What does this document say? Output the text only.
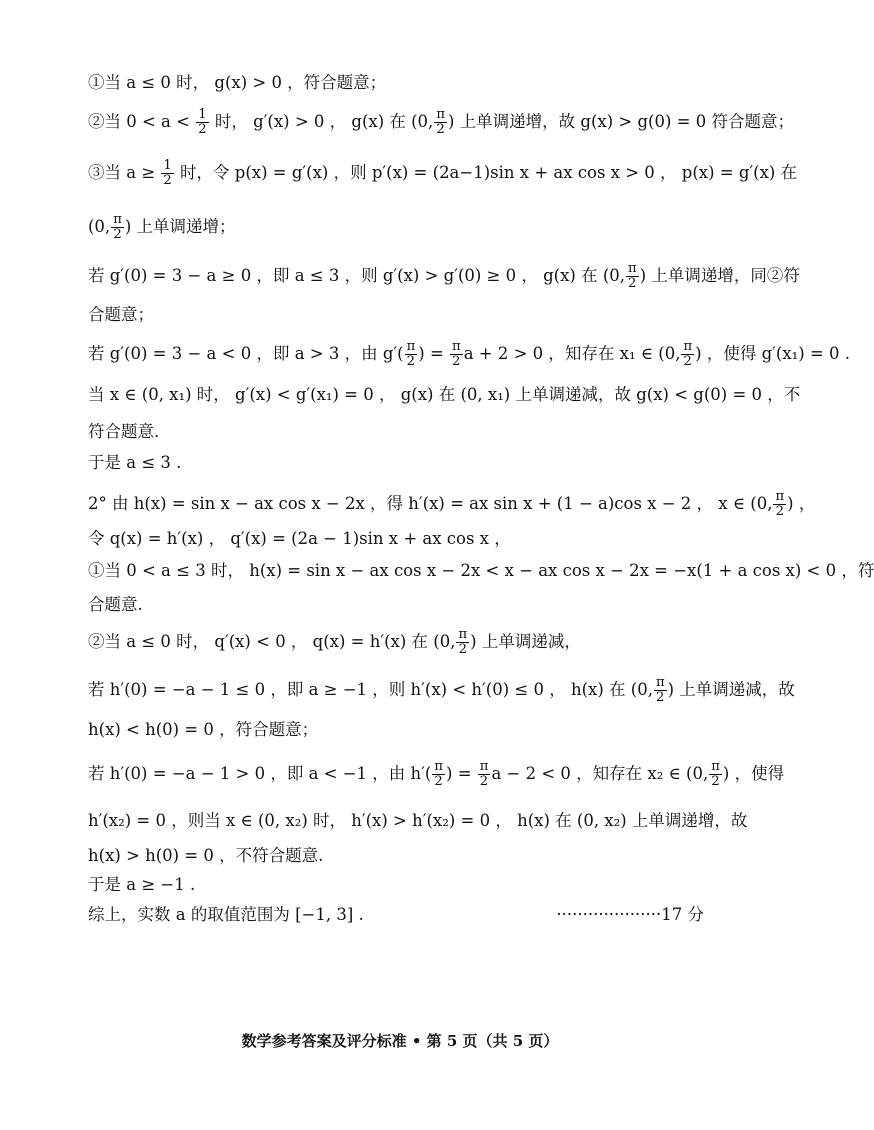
①当 a ≤ 0 时， g(x) > 0 ，符合题意；
②当 $0 < a < \frac{1}{2}$ 时， g′(x) > 0 ， g(x) 在 (0, $\frac{\pi}{2}$ ) 上单调递增，故 g(x) > g(0) = 0 符合题意；
③当 $a \ge \frac{1}{2}$ 时，令 p(x) = g′(x) ，则 p′(x) = (2a−1)sin x + ax cos x > 0 ， p(x) = g′(x) 在
(0, $\frac{\pi}{2}$ ) 上单调递增；
若 g′(0) = 3 − a ≥ 0 ，即 a ≤ 3 ，则 g′(x) > g′(0) ≥ 0 ， g(x) 在 (0, $\frac{\pi}{2}$ ) 上单调递增，同②符
合题意；
若 g′(0) = 3 − a < 0 ，即 a > 3 ，由 $g'( \frac{\pi}{2}$ ) = $\frac{\pi}{2}$ a + 2 > 0 ，知存在 x₁ ∈ (0, $\frac{\pi}{2}$ ) ，使得 g′(x₁) = 0 .
当 x ∈ (0, x₁) 时， g′(x) < g′(x₁) = 0 ， g(x) 在 (0, x₁) 上单调递减，故 g(x) < g(0) = 0 ，不
符合题意.
于是 a ≤ 3 .
2° 由 h(x) = sin x − ax cos x − 2x ，得 h′(x) = ax sin x + (1 − a)cos x − 2 ， x ∈ (0, $\frac{\pi}{2}$ ) ，
令 q(x) = h′(x) ， q′(x) = (2a − 1)sin x + ax cos x ，
①当 0 < a ≤ 3 时， h(x) = sin x − ax cos x − 2x < x − ax cos x − 2x = −x(1 + a cos x) < 0 ，符
合题意.
②当 a ≤ 0 时， q′(x) < 0 ， q(x) = h′(x) 在 (0, $\frac{\pi}{2}$ ) 上单调递减，
若 h′(0) = −a − 1 ≤ 0 ，即 a ≥ −1 ，则 h′(x) < h′(0) ≤ 0 ， h(x) 在 (0, $\frac{\pi}{2}$ ) 上单调递减，故
h(x) < h(0) = 0 ，符合题意；
若 h′(0) = −a − 1 > 0 ，即 a < −1 ，由 $h'( \frac{\pi}{2}$ ) = $\frac{\pi}{2}$ a − 2 < 0 ，知存在 x₂ ∈ (0, $\frac{\pi}{2}$ ) ，使得
h′(x₂) = 0 ，则当 x ∈ (0, x₂) 时， h′(x) > h′(x₂) = 0 ， h(x) 在 (0, x₂) 上单调递增，故
h(x) > h(0) = 0 ，不符合题意.
于是 a ≥ −1 .
综上，实数 a 的取值范围为 [−1, 3] .	····················17 分
数学参考答案及评分标准 • 第 5 页（共 5 页）
